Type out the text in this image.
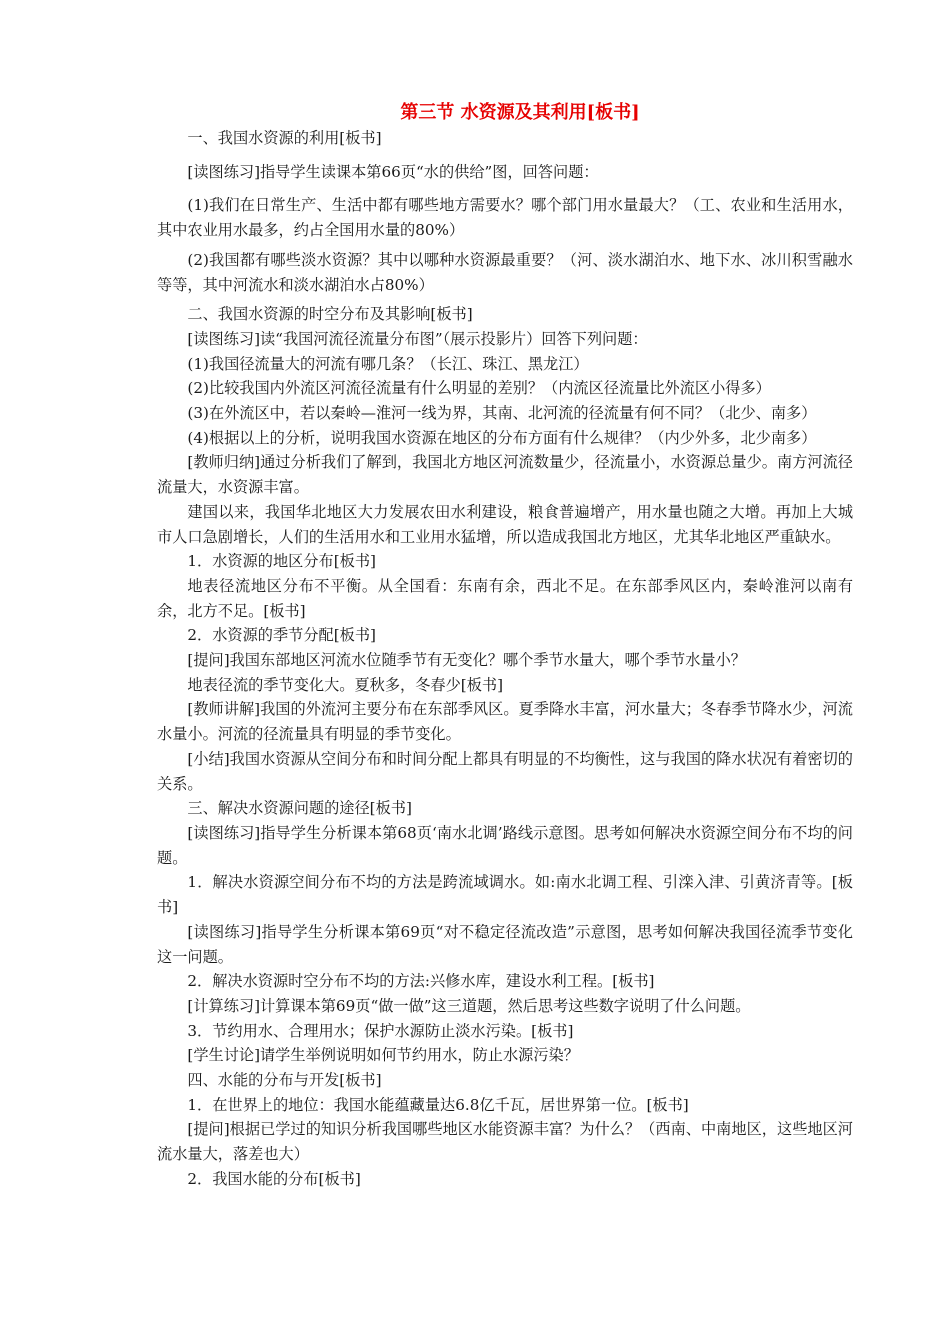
第三节 水资源及其利用[板书]

一、我国水资源的利用[板书]

[读图练习]指导学生读课本第66页“水的供给”图，回答问题：

(1)我们在日常生产、生活中都有哪些地方需要水？哪个部门用水量最大？（工、农业和生活用水，其中农业用水最多，约占全国用水量的80%）

(2)我国都有哪些淡水资源？其中以哪种水资源最重要？（河、淡水湖泊水、地下水、冰川积雪融水等等，其中河流水和淡水湖泊水占80%）

二、我国水资源的时空分布及其影响[板书]

[读图练习]读“我国河流径流量分布图”（展示投影片）回答下列问题：

(1)我国径流量大的河流有哪几条？（长江、珠江、黑龙江）

(2)比较我国内外流区河流径流量有什么明显的差别？（内流区径流量比外流区小得多）

(3)在外流区中，若以秦岭—淮河一线为界，其南、北河流的径流量有何不同？（北少、南多）

(4)根据以上的分析，说明我国水资源在地区的分布方面有什么规律？（内少外多，北少南多）

[教师归纳]通过分析我们了解到，我国北方地区河流数量少，径流量小，水资源总量少。南方河流径流量大，水资源丰富。

建国以来，我国华北地区大力发展农田水利建设，粮食普遍增产，用水量也随之大增。再加上大城市人口急剧增长，人们的生活用水和工业用水猛增，所以造成我国北方地区，尤其华北地区严重缺水。

1．水资源的地区分布[板书]

地表径流地区分布不平衡。从全国看：东南有余，西北不足。在东部季风区内，秦岭淮河以南有余，北方不足。[板书]

2．水资源的季节分配[板书]

[提问]我国东部地区河流水位随季节有无变化？哪个季节水量大，哪个季节水量小？

地表径流的季节变化大。夏秋多，冬春少[板书]

[教师讲解]我国的外流河主要分布在东部季风区。夏季降水丰富，河水量大；冬春季节降水少，河流水量小。河流的径流量具有明显的季节变化。

[小结]我国水资源从空间分布和时间分配上都具有明显的不均衡性，这与我国的降水状况有着密切的关系。

三、解决水资源问题的途径[板书]

[读图练习]指导学生分析课本第68页‘南水北调’路线示意图。思考如何解决水资源空间分布不均的问题。

1．解决水资源空间分布不均的方法是跨流域调水。如:南水北调工程、引滦入津、引黄济青等。[板书]

[读图练习]指导学生分析课本第69页“对不稳定径流改造”示意图，思考如何解决我国径流季节变化这一问题。

2．解决水资源时空分布不均的方法:兴修水库，建设水利工程。[板书]

[计算练习]计算课本第69页“做一做”这三道题，然后思考这些数字说明了什么问题。

3．节约用水、合理用水；保护水源防止淡水污染。[板书]

[学生讨论]请学生举例说明如何节约用水，防止水源污染？

四、水能的分布与开发[板书]

1．在世界上的地位：我国水能蕴藏量达6.8亿千瓦，居世界第一位。[板书]

[提问]根据已学过的知识分析我国哪些地区水能资源丰富？为什么？（西南、中南地区，这些地区河流水量大，落差也大）

2．我国水能的分布[板书]
